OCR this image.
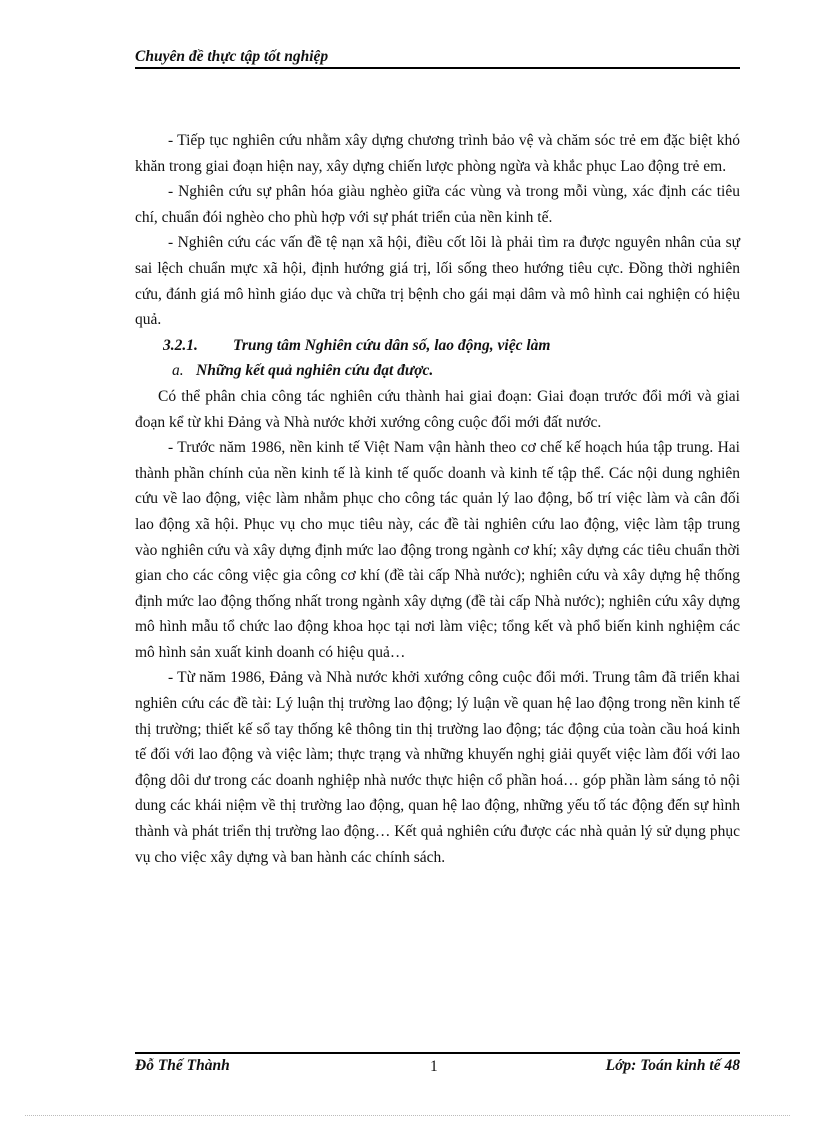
Chuyên đề thực tập tốt nghiệp

- Tiếp tục nghiên cứu nhằm xây dựng chương trình bảo vệ và chăm sóc trẻ em đặc biệt khó khăn trong giai đoạn hiện nay, xây dựng chiến lược phòng ngừa và khắc phục Lao động trẻ em.

- Nghiên cứu sự phân hóa giàu nghèo giữa các vùng và trong mỗi vùng, xác định các tiêu chí, chuẩn đói nghèo cho phù hợp với sự phát triển của nền kinh tế.

- Nghiên cứu các vấn đề tệ nạn xã hội, điều cốt lõi là phải tìm ra được nguyên nhân của sự sai lệch chuẩn mực xã hội, định hướng giá trị, lối sống theo hướng tiêu cực. Đồng thời nghiên cứu, đánh giá mô hình giáo dục và chữa trị bệnh cho gái mại dâm và mô hình cai nghiện có hiệu quả.

3.2.1. Trung tâm Nghiên cứu dân số, lao động, việc làm

a. Những kết quả nghiên cứu đạt được.

Có thể phân chia công tác nghiên cứu thành hai giai đoạn: Giai đoạn trước đổi mới và giai đoạn kể từ khi Đảng và Nhà nước khởi xướng công cuộc đổi mới đất nước.

- Trước năm 1986, nền kinh tế Việt Nam vận hành theo cơ chế kế hoạch húa tập trung. Hai thành phần chính của nền kinh tế là kinh tế quốc doanh và kinh tế tập thể. Các nội dung nghiên cứu về lao động, việc làm nhằm phục cho công tác quản lý lao động, bố trí việc làm và cân đối lao động xã hội. Phục vụ cho mục tiêu này, các đề tài nghiên cứu lao động, việc làm tập trung vào nghiên cứu và xây dựng định mức lao động trong ngành cơ khí; xây dựng các tiêu chuẩn thời gian cho các công việc gia công cơ khí (đề tài cấp Nhà nước); nghiên cứu và xây dựng hệ thống định mức lao động thống nhất trong ngành xây dựng (đề tài cấp Nhà nước); nghiên cứu xây dựng mô hình mẫu tổ chức lao động khoa học tại nơi làm việc; tổng kết và phổ biến kinh nghiệm các mô hình sản xuất kinh doanh có hiệu quả…

- Từ năm 1986, Đảng và Nhà nước khởi xướng công cuộc đổi mới. Trung tâm đã triển khai nghiên cứu các đề tài: Lý luận thị trường lao động; lý luận về quan hệ lao động trong nền kinh tế thị trường; thiết kế sổ tay thống kê thông tin thị trường lao động; tác động của toàn cầu hoá kinh tế đối với lao động và việc làm; thực trạng và những khuyến nghị giải quyết việc làm đối với lao động dôi dư trong các doanh nghiệp nhà nước thực hiện cổ phần hoá… góp phần làm sáng tỏ nội dung các khái niệm về thị trường lao động, quan hệ lao động, những yếu tố tác động đến sự hình thành và phát triển thị trường lao động… Kết quả nghiên cứu được các nhà quản lý sử dụng phục vụ cho việc xây dựng và ban hành các chính sách.

Đỗ Thế Thành	1	Lớp: Toán kinh tế 48
